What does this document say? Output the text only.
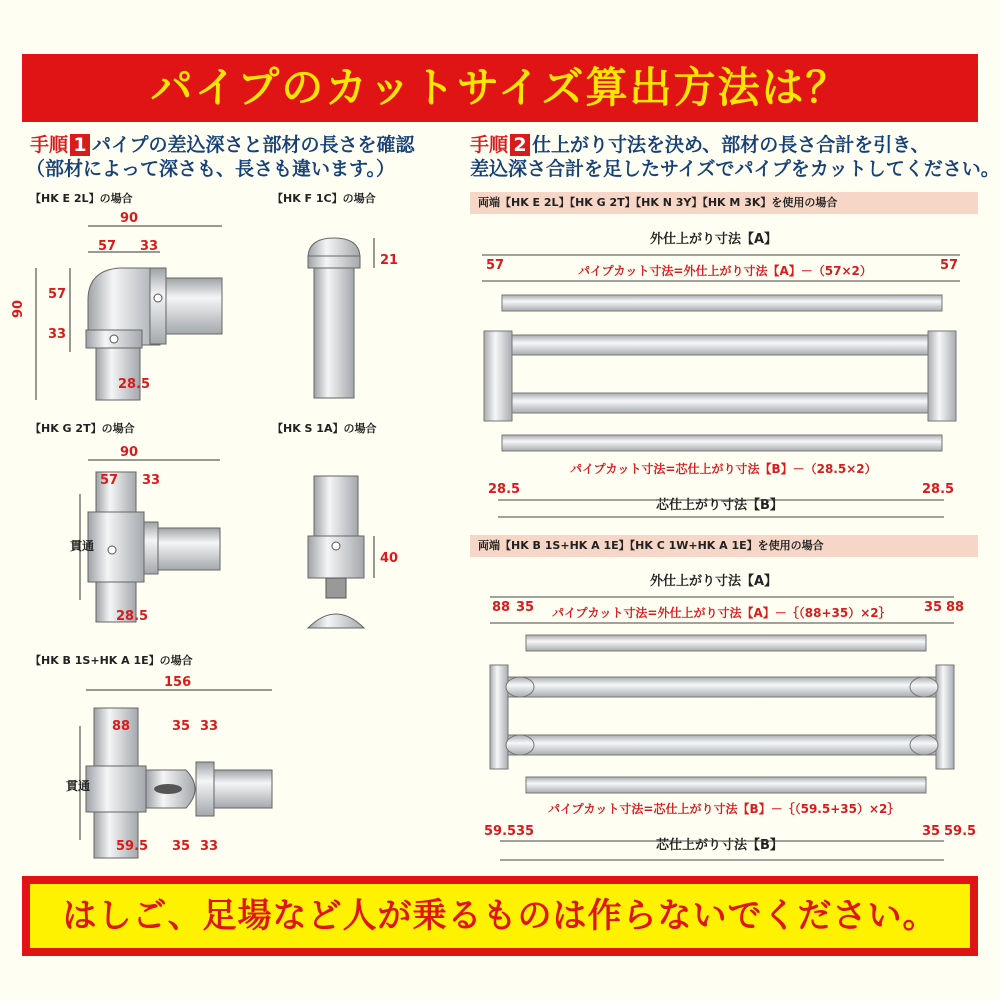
パイプのカットサイズ算出方法は？
手順 1 パイプの差込深さと部材の長さを確認
（部材によって深さも、長さも違います。）
手順 2 仕上がり寸法を決め、部材の長さ合計を引き、
差込深さ合計を足したサイズでパイプをカットしてください。
【HK E 2L】の場合	【HK F 1C】の場合
【HK G 2T】の場合	【HK S 1A】の場合
【HK B 1S+HK A 1E】の場合
90
57 33
57
33
90
28.5
21
90
57 33
28.5
貫通
40
156
88	35 33
59.5 35 33
貫通
両端【HK E 2L】【HK G 2T】【HK N 3Y】【HK M 3K】を使用の場合
外仕上がり寸法【A】
パイプカット寸法=外仕上がり寸法【A】－（57×2）
57	57
パイプカット寸法=芯仕上がり寸法【B】－（28.5×2）
28.5	28.5
芯仕上がり寸法【B】
両端【HK B 1S+HK A 1E】【HK C 1W+HK A 1E】を使用の場合
外仕上がり寸法【A】
パイプカット寸法=外仕上がり寸法【A】－｛（88+35）×2｝
88 35	35 88
パイプカット寸法=芯仕上がり寸法【B】－｛（59.5+35）×2｝
59.5 35	35 59.5
芯仕上がり寸法【B】
はしご、足場など人が乗るものは作らないでください。
